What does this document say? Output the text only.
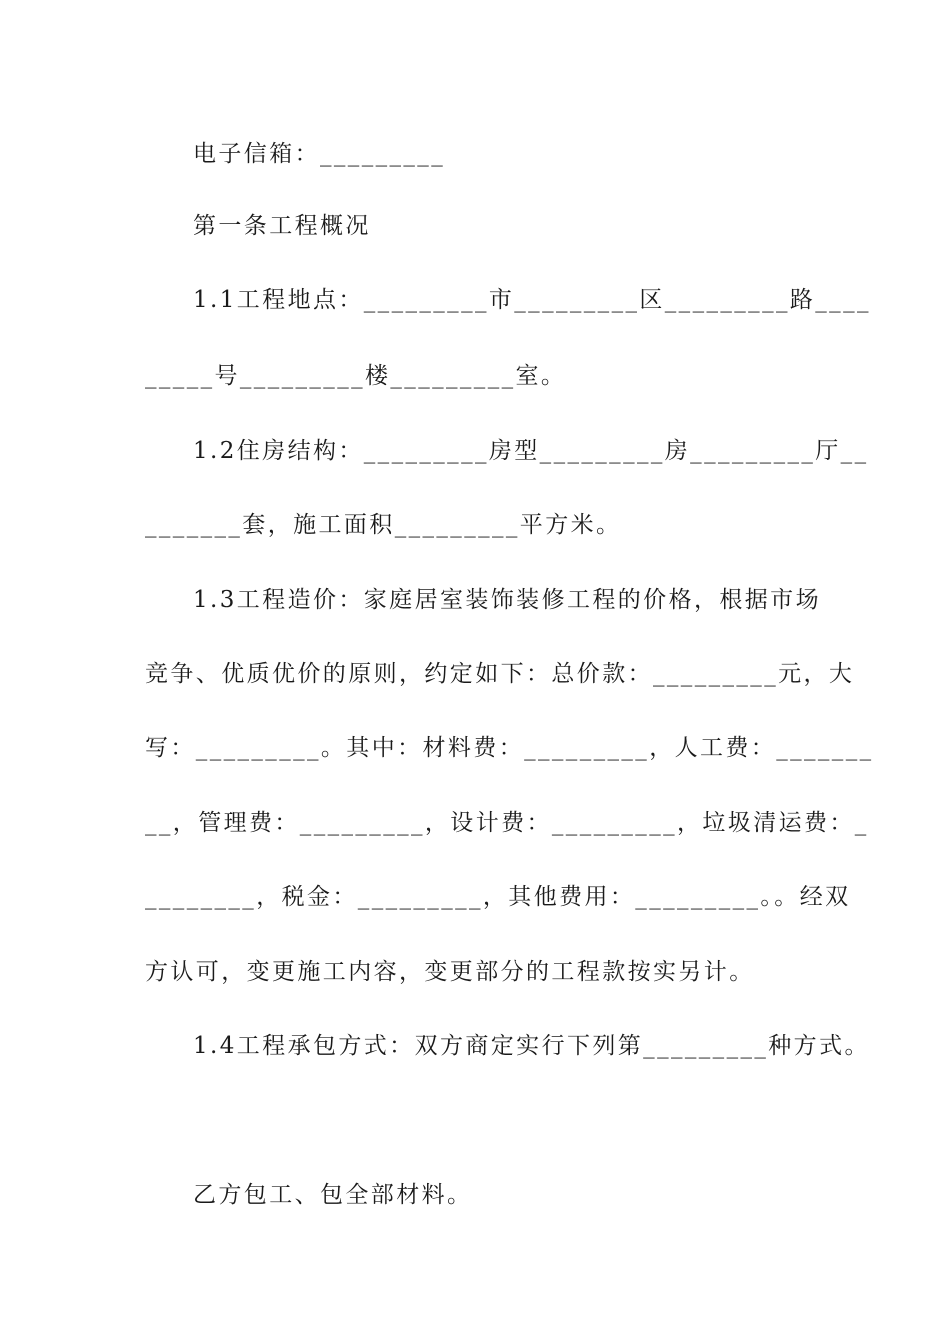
电子信箱：_________
第一条工程概况
1.1工程地点：_________市_________区_________路____
_____号_________楼_________室。
1.2住房结构：_________房型_________房_________厅__
_______套，施工面积_________平方米。
1.3工程造价：家庭居室装饰装修工程的价格，根据市场
竞争、优质优价的原则，约定如下：总价款：_________元，大
写：_________。其中：材料费：_________，人工费：_______
__，管理费：_________，设计费：_________，垃圾清运费：_
________，税金：_________，其他费用：_________。。经双
方认可，变更施工内容，变更部分的工程款按实另计。
1.4工程承包方式：双方商定实行下列第_________种方式。
乙方包工、包全部材料。
